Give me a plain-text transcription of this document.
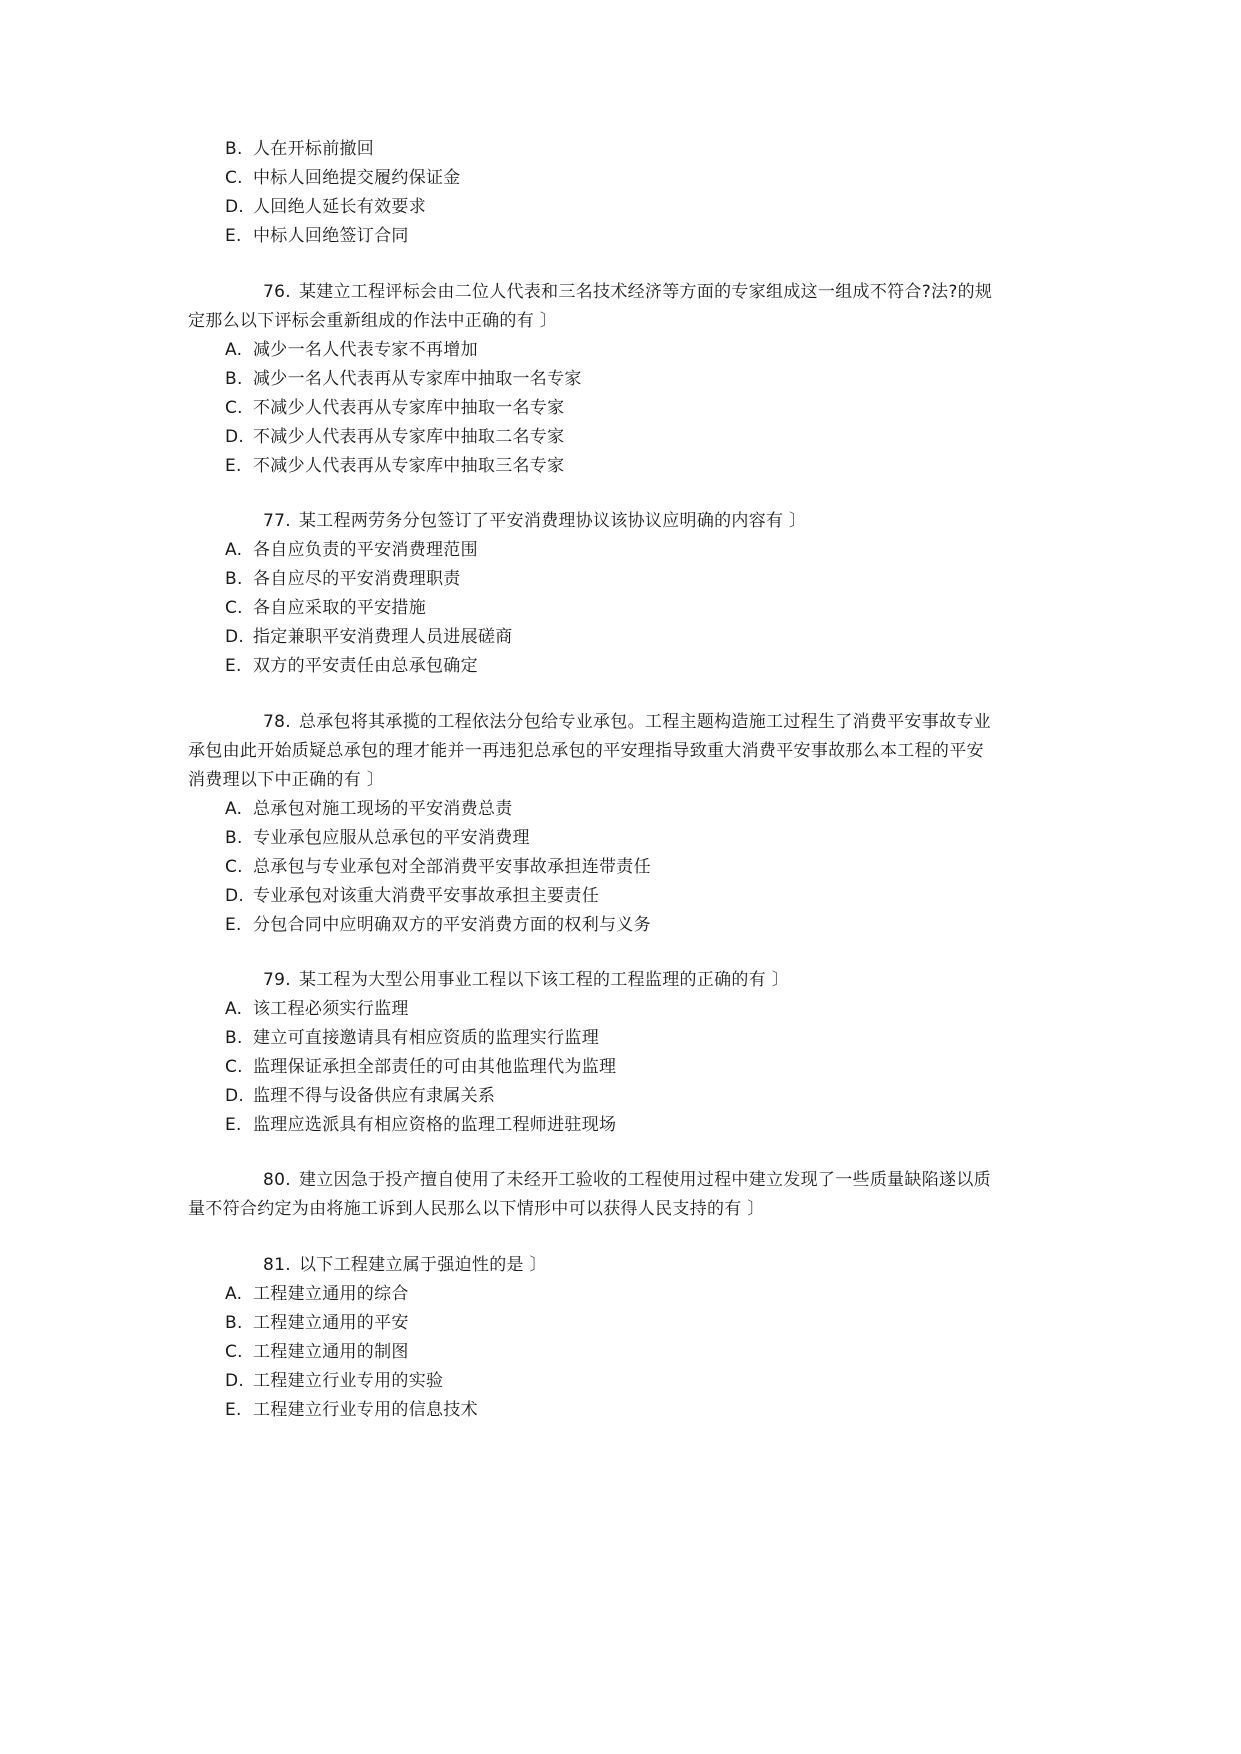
B. 人在开标前撤回
C. 中标人回绝提交履约保证金
D. 人回绝人延长有效要求
E. 中标人回绝签订合同
76. 某建立工程评标会由二位人代表和三名技术经济等方面的专家组成这一组成不符合?法?的规
定那么以下评标会重新组成的作法中正确的有 〕
A. 减少一名人代表专家不再增加
B. 减少一名人代表再从专家库中抽取一名专家
C. 不减少人代表再从专家库中抽取一名专家
D. 不减少人代表再从专家库中抽取二名专家
E. 不减少人代表再从专家库中抽取三名专家
77. 某工程两劳务分包签订了平安消费理协议该协议应明确的内容有 〕
A. 各自应负责的平安消费理范围
B. 各自应尽的平安消费理职责
C. 各自应采取的平安措施
D. 指定兼职平安消费理人员进展磋商
E. 双方的平安责任由总承包确定
78. 总承包将其承揽的工程依法分包给专业承包。工程主题构造施工过程生了消费平安事故专业
承包由此开始质疑总承包的理才能并一再违犯总承包的平安理指导致重大消费平安事故那么本工程的平安
消费理以下中正确的有 〕
A. 总承包对施工现场的平安消费总责
B. 专业承包应服从总承包的平安消费理
C. 总承包与专业承包对全部消费平安事故承担连带责任
D. 专业承包对该重大消费平安事故承担主要责任
E. 分包合同中应明确双方的平安消费方面的权利与义务
79. 某工程为大型公用事业工程以下该工程的工程监理的正确的有 〕
A. 该工程必须实行监理
B. 建立可直接邀请具有相应资质的监理实行监理
C. 监理保证承担全部责任的可由其他监理代为监理
D. 监理不得与设备供应有隶属关系
E. 监理应选派具有相应资格的监理工程师进驻现场
80. 建立因急于投产擅自使用了未经开工验收的工程使用过程中建立发现了一些质量缺陷遂以质
量不符合约定为由将施工诉到人民那么以下情形中可以获得人民支持的有 〕
81. 以下工程建立属于强迫性的是 〕
A. 工程建立通用的综合
B. 工程建立通用的平安
C. 工程建立通用的制图
D. 工程建立行业专用的实验
E. 工程建立行业专用的信息技术
